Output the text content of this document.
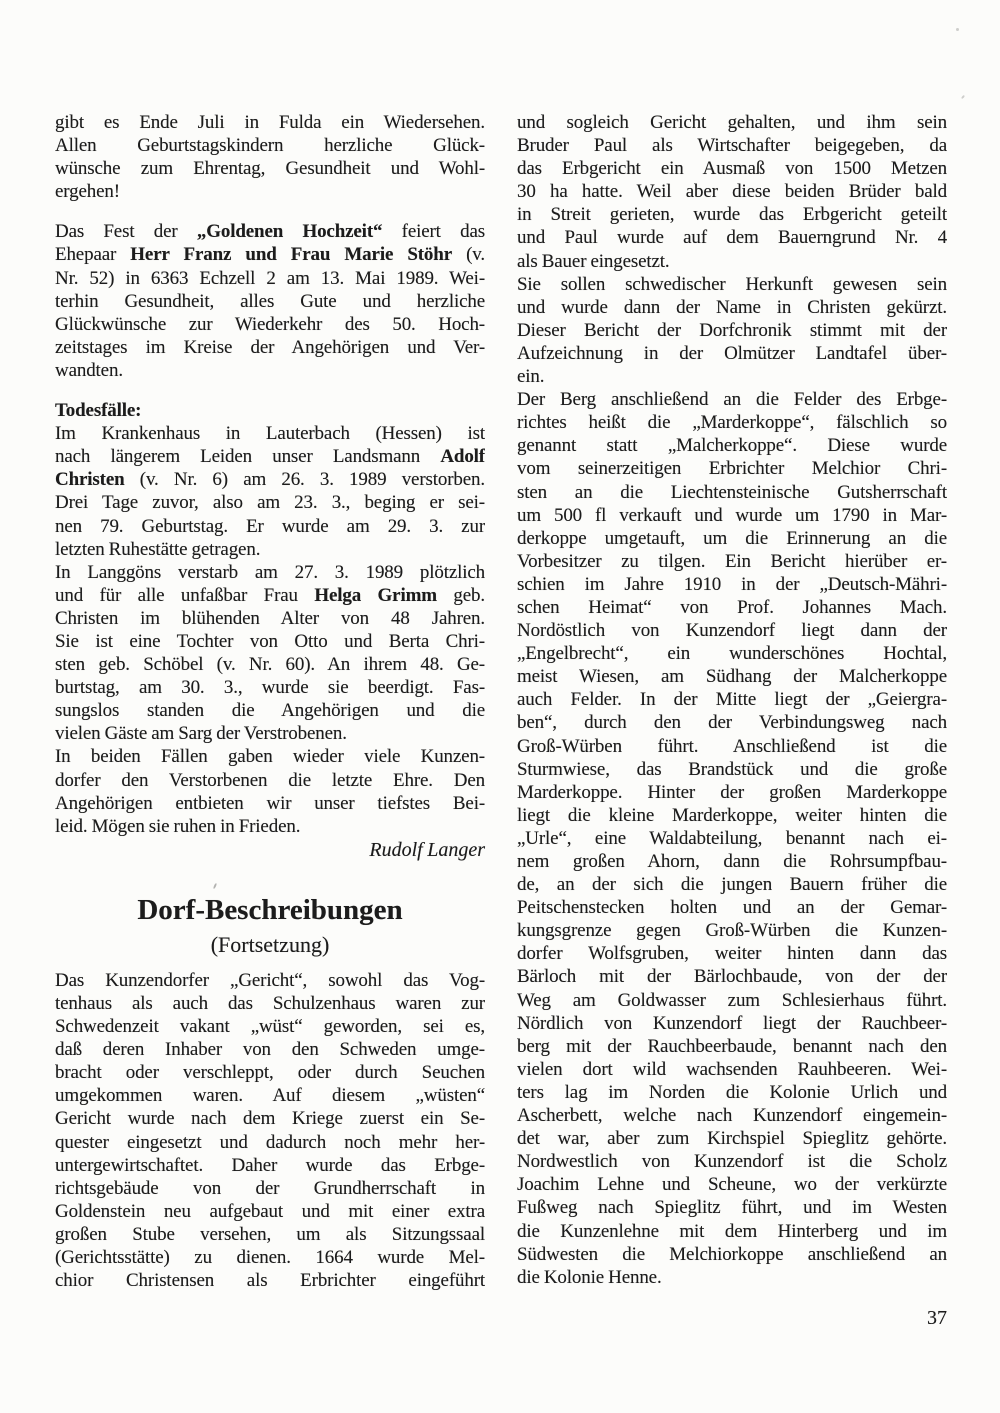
gibt es Ende Juli in Fulda ein Wiedersehen.
Allen Geburtstagskindern herzliche Glück-
wünsche zum Ehrentag, Gesundheit und Wohl-
ergehen!
Das Fest der „Goldenen Hochzeit“ feiert das
Ehepaar Herr Franz und Frau Marie Stöhr (v.
Nr. 52) in 6363 Echzell 2 am 13. Mai 1989. Wei-
terhin Gesundheit, alles Gute und herzliche
Glückwünsche zur Wiederkehr des 50. Hoch-
zeitstages im Kreise der Angehörigen und Ver-
wandten.
Todesfälle:
Im Krankenhaus in Lauterbach (Hessen) ist
nach längerem Leiden unser Landsmann Adolf
Christen (v. Nr. 6) am 26. 3. 1989 verstorben.
Drei Tage zuvor, also am 23. 3., beging er sei-
nen 79. Geburtstag. Er wurde am 29. 3. zur
letzten Ruhestätte getragen.
In Langgöns verstarb am 27. 3. 1989 plötzlich
und für alle unfaßbar Frau Helga Grimm geb.
Christen im blühenden Alter von 48 Jahren.
Sie ist eine Tochter von Otto und Berta Chri-
sten geb. Schöbel (v. Nr. 60). An ihrem 48. Ge-
burtstag, am 30. 3., wurde sie beerdigt. Fas-
sungslos standen die Angehörigen und die
vielen Gäste am Sarg der Verstrobenen.
In beiden Fällen gaben wieder viele Kunzen-
dorfer den Verstorbenen die letzte Ehre. Den
Angehörigen entbieten wir unser tiefstes Bei-
leid. Mögen sie ruhen in Frieden.
Rudolf Langer
Dorf-Beschreibungen
(Fortsetzung)
Das Kunzendorfer „Gericht“, sowohl das Vog-
tenhaus als auch das Schulzenhaus waren zur
Schwedenzeit vakant „wüst“ geworden, sei es,
daß deren Inhaber von den Schweden umge-
bracht oder verschleppt, oder durch Seuchen
umgekommen waren. Auf diesem „wüsten“
Gericht wurde nach dem Kriege zuerst ein Se-
quester eingesetzt und dadurch noch mehr her-
untergewirtschaftet. Daher wurde das Erbge-
richtsgebäude von der Grundherrschaft in
Goldenstein neu aufgebaut und mit einer extra
großen Stube versehen, um als Sitzungssaal
(Gerichtsstätte) zu dienen. 1664 wurde Mel-
chior Christensen als Erbrichter eingeführt
und sogleich Gericht gehalten, und ihm sein
Bruder Paul als Wirtschafter beigegeben, da
das Erbgericht ein Ausmaß von 1500 Metzen
30 ha hatte. Weil aber diese beiden Brüder bald
in Streit gerieten, wurde das Erbgericht geteilt
und Paul wurde auf dem Bauerngrund Nr. 4
als Bauer eingesetzt.
Sie sollen schwedischer Herkunft gewesen sein
und wurde dann der Name in Christen gekürzt.
Dieser Bericht der Dorfchronik stimmt mit der
Aufzeichnung in der Olmützer Landtafel über-
ein.
Der Berg anschließend an die Felder des Erbge-
richtes heißt die „Marderkoppe“, fälschlich so
genannt statt „Malcherkoppe“. Diese wurde
vom seinerzeitigen Erbrichter Melchior Chri-
sten an die Liechtensteinische Gutsherrschaft
um 500 fl verkauft und wurde um 1790 in Mar-
derkoppe umgetauft, um die Erinnerung an die
Vorbesitzer zu tilgen. Ein Bericht hierüber er-
schien im Jahre 1910 in der „Deutsch-Mähri-
schen Heimat“ von Prof. Johannes Mach.
Nordöstlich von Kunzendorf liegt dann der
„Engelbrecht“, ein wunderschönes Hochtal,
meist Wiesen, am Südhang der Malcherkoppe
auch Felder. In der Mitte liegt der „Geiergra-
ben“, durch den der Verbindungsweg nach
Groß-Würben führt. Anschließend ist die
Sturmwiese, das Brandstück und die große
Marderkoppe. Hinter der großen Marderkoppe
liegt die kleine Marderkoppe, weiter hinten die
„Urle“, eine Waldabteilung, benannt nach ei-
nem großen Ahorn, dann die Rohrsumpfbau-
de, an der sich die jungen Bauern früher die
Peitschenstecken holten und an der Gemar-
kungsgrenze gegen Groß-Würben die Kunzen-
dorfer Wolfsgruben, weiter hinten dann das
Bärloch mit der Bärlochbaude, von der der
Weg am Goldwasser zum Schlesierhaus führt.
Nördlich von Kunzendorf liegt der Rauchbeer-
berg mit der Rauchbeerbaude, benannt nach den
vielen dort wild wachsenden Rauhbeeren. Wei-
ters lag im Norden die Kolonie Urlich und
Ascherbett, welche nach Kunzendorf eingemein-
det war, aber zum Kirchspiel Spieglitz gehörte.
Nordwestlich von Kunzendorf ist die Scholz
Joachim Lehne und Scheune, wo der verkürzte
Fußweg nach Spieglitz führt, und im Westen
die Kunzenlehne mit dem Hinterberg und im
Südwesten die Melchiorkoppe anschließend an
die Kolonie Henne.
37
